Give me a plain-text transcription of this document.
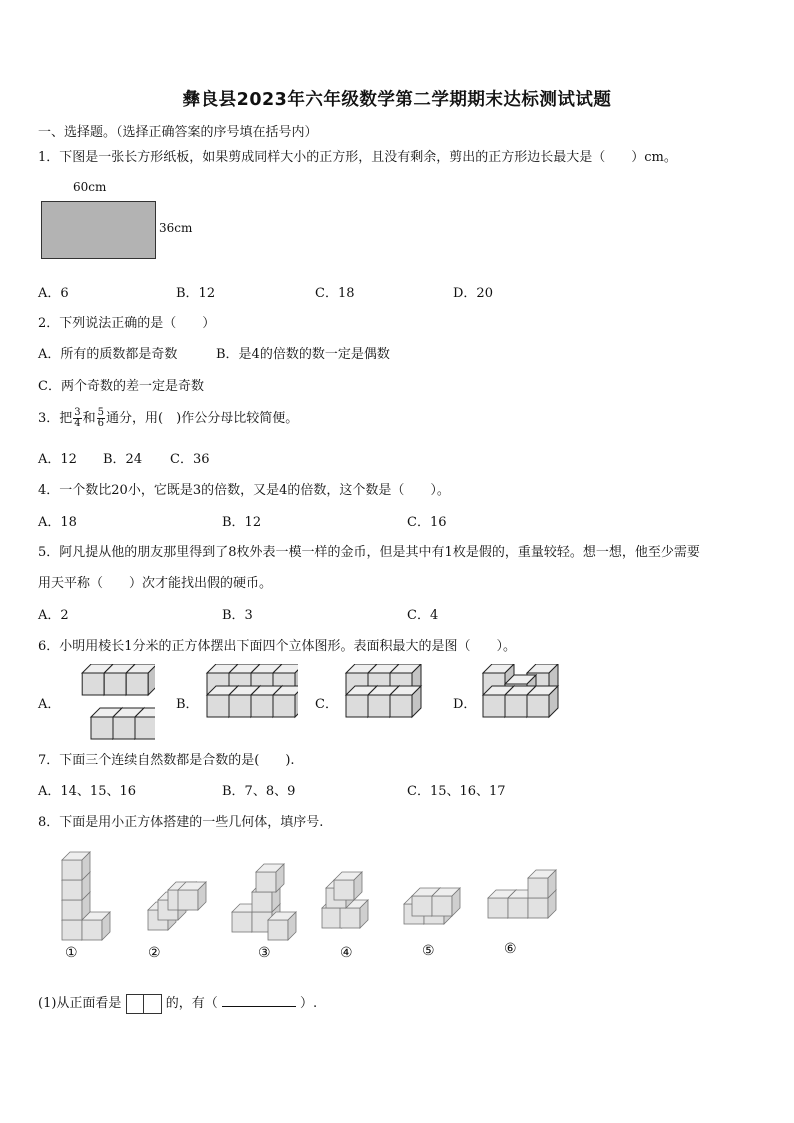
彝良县2023年六年级数学第二学期期末达标测试试题
一、选择题。（选择正确答案的序号填在括号内）
1．下图是一张长方形纸板，如果剪成同样大小的正方形，且没有剩余，剪出的正方形边长最大是（　　）cm。
60cm
36cm
A．6	B．12	C．18	D．20
2．下列说法正确的是（　　）
A．所有的质数都是奇数	B．是4的倍数的数一定是偶数
C．两个奇数的差一定是奇数
3．把 $\frac{3}{4}$ 和 $\frac{5}{6}$ 通分，用(　)作公分母比较简便。
A．12 B．24 C．36
4．一个数比20小，它既是3的倍数，又是4的倍数，这个数是（　　）。
A．18	B．12	C．16
5．阿凡提从他的朋友那里得到了8枚外表一模一样的金币，但是其中有1枚是假的，重量较轻。想一想，他至少需要
用天平称（　　）次才能找出假的硬币。
A．2	B．3	C．4
6．小明用棱长1分米的正方体摆出下面四个立体图形。表面积最大的是图（　　）。
A．	B．	C．	D．
7．下面三个连续自然数都是合数的是(　　).
A．14、15、16	B．7、8、9	C．15、16、17
8．下面是用小正方体搭建的一些几何体，填序号.
①	②	③	④	⑤	⑥
(1)从正面看是	的，有（	）.
